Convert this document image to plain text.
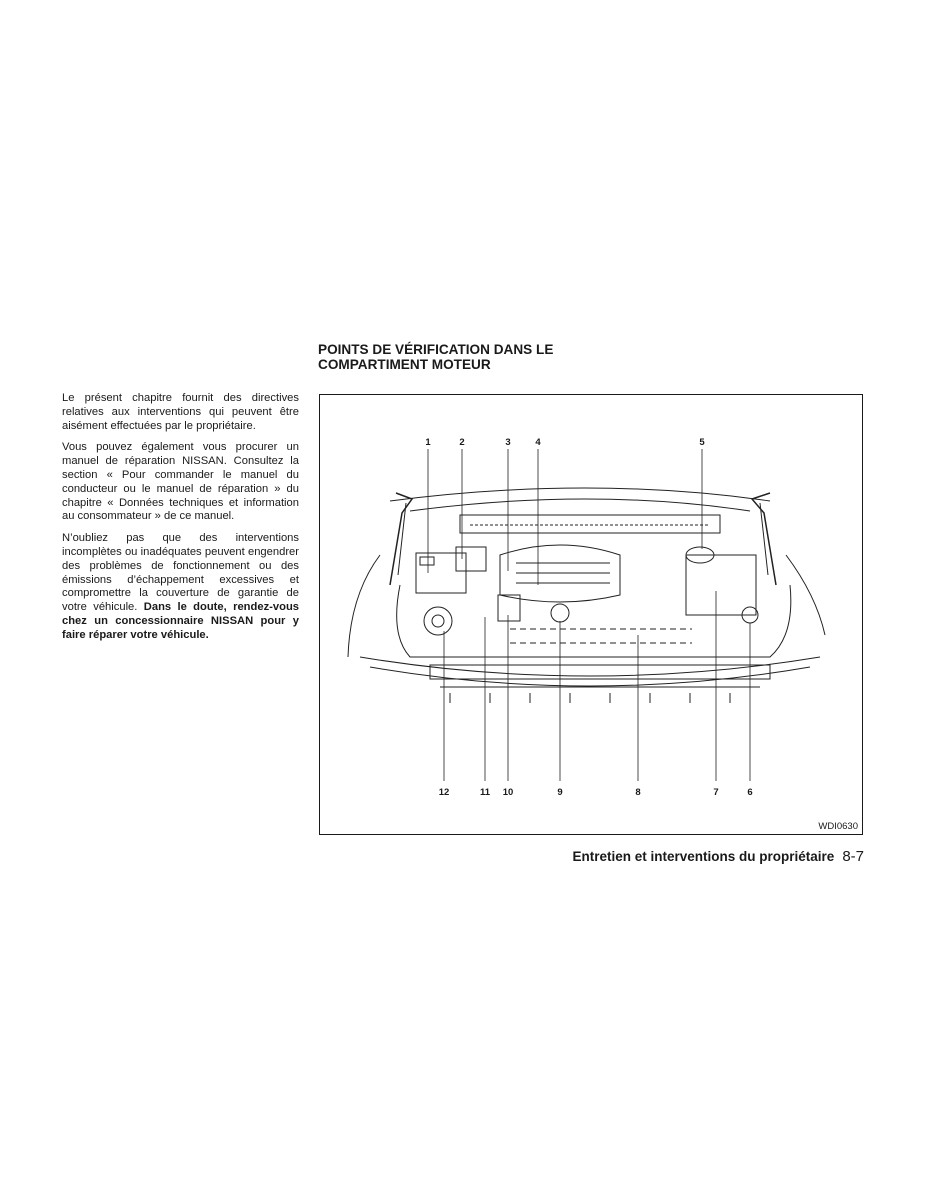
POINTS DE VÉRIFICATION DANS LE
COMPARTIMENT MOTEUR

Le présent chapitre fournit des directives relatives aux interventions qui peuvent être aisément effectuées par le propriétaire.

Vous pouvez également vous procurer un manuel de réparation NISSAN. Consultez la section « Pour commander le manuel du conducteur ou le manuel de réparation » du chapitre « Données techniques et information au consommateur » de ce manuel.

N’oubliez pas que des interventions incomplètes ou inadéquates peuvent engendrer des problèmes de fonctionnement ou des émissions d’échappement excessives et compromettre la couverture de garantie de votre véhicule. Dans le doute, rendez-vous chez un concessionnaire NISSAN pour y faire réparer votre véhicule.

1	2	3	4	5
12	11 10	9	8	7	6
WDI0630
Entretien et interventions du propriétaire 8-7
